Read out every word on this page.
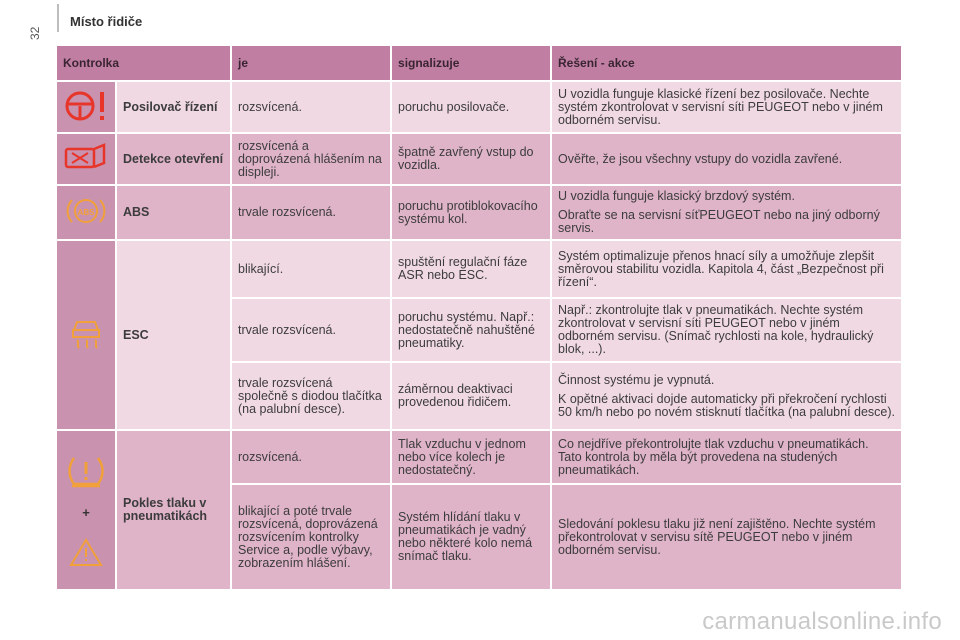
Místo řidiče
32
Kontrolka		je	signalizuje	Řešení - akce
	Posilovač řízení	rozsvícená.	poruchu posilovače.	U vozidla funguje klasické řízení bez posilovače. Nechte systém zkontrolovat v servisní síti PEUGEOT nebo v jiném odborném servisu.

	Detekce otevření	rozsvícená a doprovázená hlášením na displeji.	špatně zavřený vstup do vozidla.	Ověřte, že jsou všechny vstupy do vozidla zavřené.

ABS	ABS	trvale rozsvícená.	poruchu protiblokovacího systému kol.	U vozidla funguje klasický brzdový systém.

Obraťte se na servisní síťPEUGEOT nebo na jiný odborný servis.

	ESC	blikající.	spuštění regulační fáze ASR nebo ESC.	Systém optimalizuje přenos hnací síly a umožňuje zlepšit směrovou stabilitu vozidla. Kapitola 4, část „Bezpečnost při řízení“.

		trvale rozsvícená.	poruchu systému. Např.: nedostatečně nahuštěné pneumatiky.	Např.: zkontrolujte tlak v pneumatikách. Nechte systém zkontrolovat v servisní síti PEUGEOT nebo v jiném odborném servisu. (Snímač rychlosti na kole, hydraulický blok, ...).

		trvale rozsvícená společně s diodou tlačítka (na palubní desce).	záměrnou deaktivaci provedenou řidičem.	Činnost systému je vypnutá.

K opětné aktivaci dojde automaticky při překročení rychlosti 50 km/h nebo po novém stisknutí tlačítka (na palubní desce).

+	Pokles tlaku v pneumatikách	rozsvícená.	Tlak vzduchu v jednom nebo více kolech je nedostatečný.	Co nejdříve překontrolujte tlak vzduchu v pneumatikách. Tato kontrola by měla být provedena na studených pneumatikách.

		blikající a poté trvale rozsvícená, doprovázená rozsvícením kontrolky Service a, podle výbavy, zobrazením hlášení.	Systém hlídání tlaku v pneumatikách je vadný nebo některé kolo nemá snímač tlaku.	Sledování poklesu tlaku již není zajištěno. Nechte systém překontrolovat v servisu sítě PEUGEOT nebo v jiném odborném servisu.

carmanualsonline.info
